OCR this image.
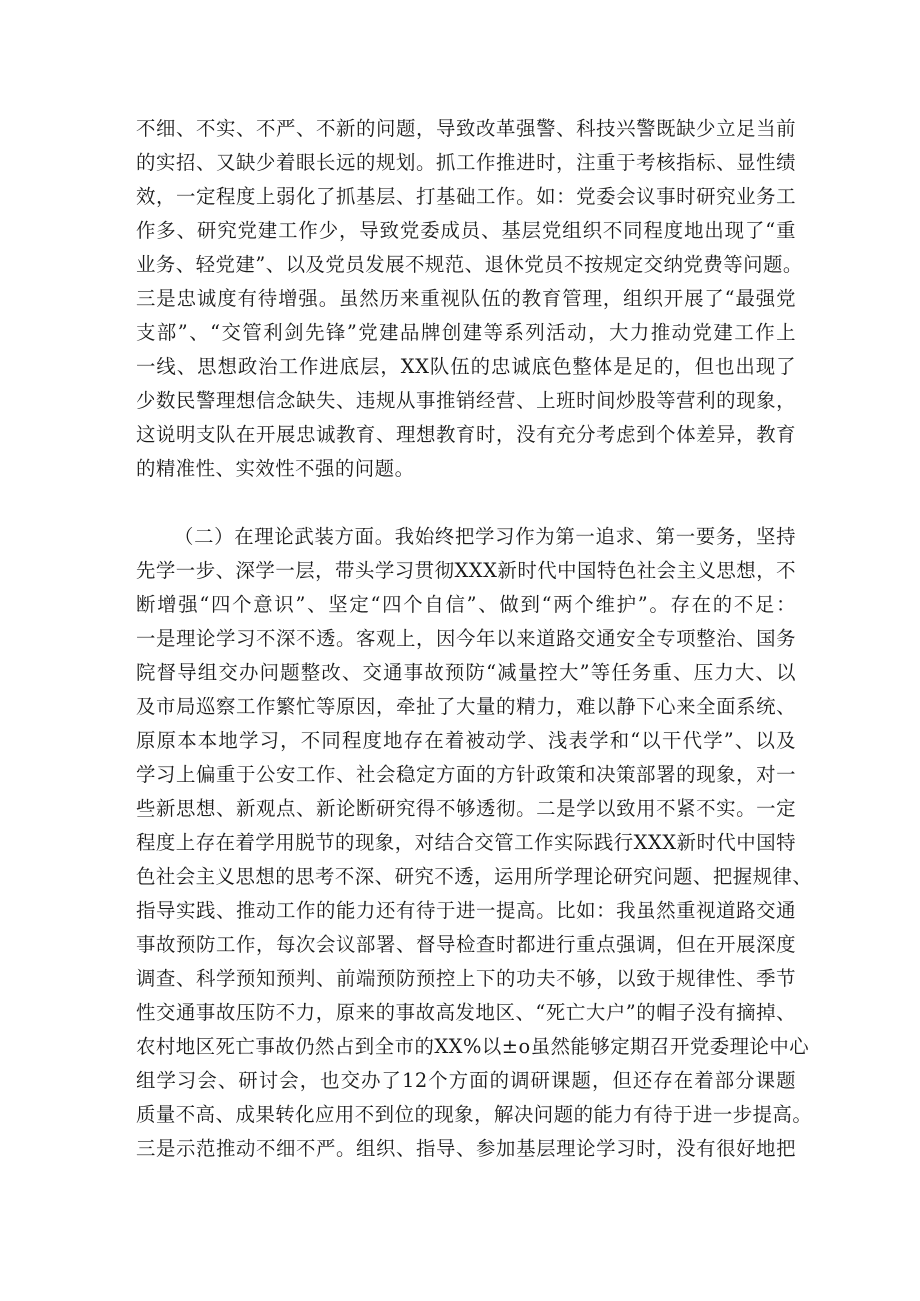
不细、不实、不严、不新的问题，导致改革强警、科技兴警既缺少立足当前
的实招、又缺少着眼长远的规划。抓工作推进时，注重于考核指标、显性绩
效，一定程度上弱化了抓基层、打基础工作。如：党委会议事时研究业务工
作多、研究党建工作少，导致党委成员、基层党组织不同程度地出现了“重
业务、轻党建”、以及党员发展不规范、退休党员不按规定交纳党费等问题。
三是忠诚度有待增强。虽然历来重视队伍的教育管理，组织开展了“最强党
支部”、“交管利剑先锋”党建品牌创建等系列活动，大力推动党建工作上
一线、思想政治工作进底层，XX队伍的忠诚底色整体是足的，但也出现了
少数民警理想信念缺失、违规从事推销经营、上班时间炒股等营利的现象，
这说明支队在开展忠诚教育、理想教育时，没有充分考虑到个体差异，教育
的精准性、实效性不强的问题。
（二）在理论武装方面。我始终把学习作为第一追求、第一要务，坚持
先学一步、深学一层，带头学习贯彻XXX新时代中国特色社会主义思想，不
断增强“四个意识”、坚定“四个自信”、做到“两个维护”。存在的不足：
一是理论学习不深不透。客观上，因今年以来道路交通安全专项整治、国务
院督导组交办问题整改、交通事故预防“减量控大”等任务重、压力大、以
及市局巡察工作繁忙等原因，牵扯了大量的精力，难以静下心来全面系统、
原原本本地学习，不同程度地存在着被动学、浅表学和“以干代学”、以及
学习上偏重于公安工作、社会稳定方面的方针政策和决策部署的现象，对一
些新思想、新观点、新论断研究得不够透彻。二是学以致用不紧不实。一定
程度上存在着学用脱节的现象，对结合交管工作实际践行XXX新时代中国特
色社会主义思想的思考不深、研究不透，运用所学理论研究问题、把握规律、
指导实践、推动工作的能力还有待于进一提高。比如：我虽然重视道路交通
事故预防工作，每次会议部署、督导检查时都进行重点强调，但在开展深度
调查、科学预知预判、前端预防预控上下的功夫不够，以致于规律性、季节
性交通事故压防不力，原来的事故高发地区、“死亡大户”的帽子没有摘掉、
农村地区死亡事故仍然占到全市的XX%以±o虽然能够定期召开党委理论中心
组学习会、研讨会，也交办了12个方面的调研课题，但还存在着部分课题
质量不高、成果转化应用不到位的现象，解决问题的能力有待于进一步提高。
三是示范推动不细不严。组织、指导、参加基层理论学习时，没有很好地把
